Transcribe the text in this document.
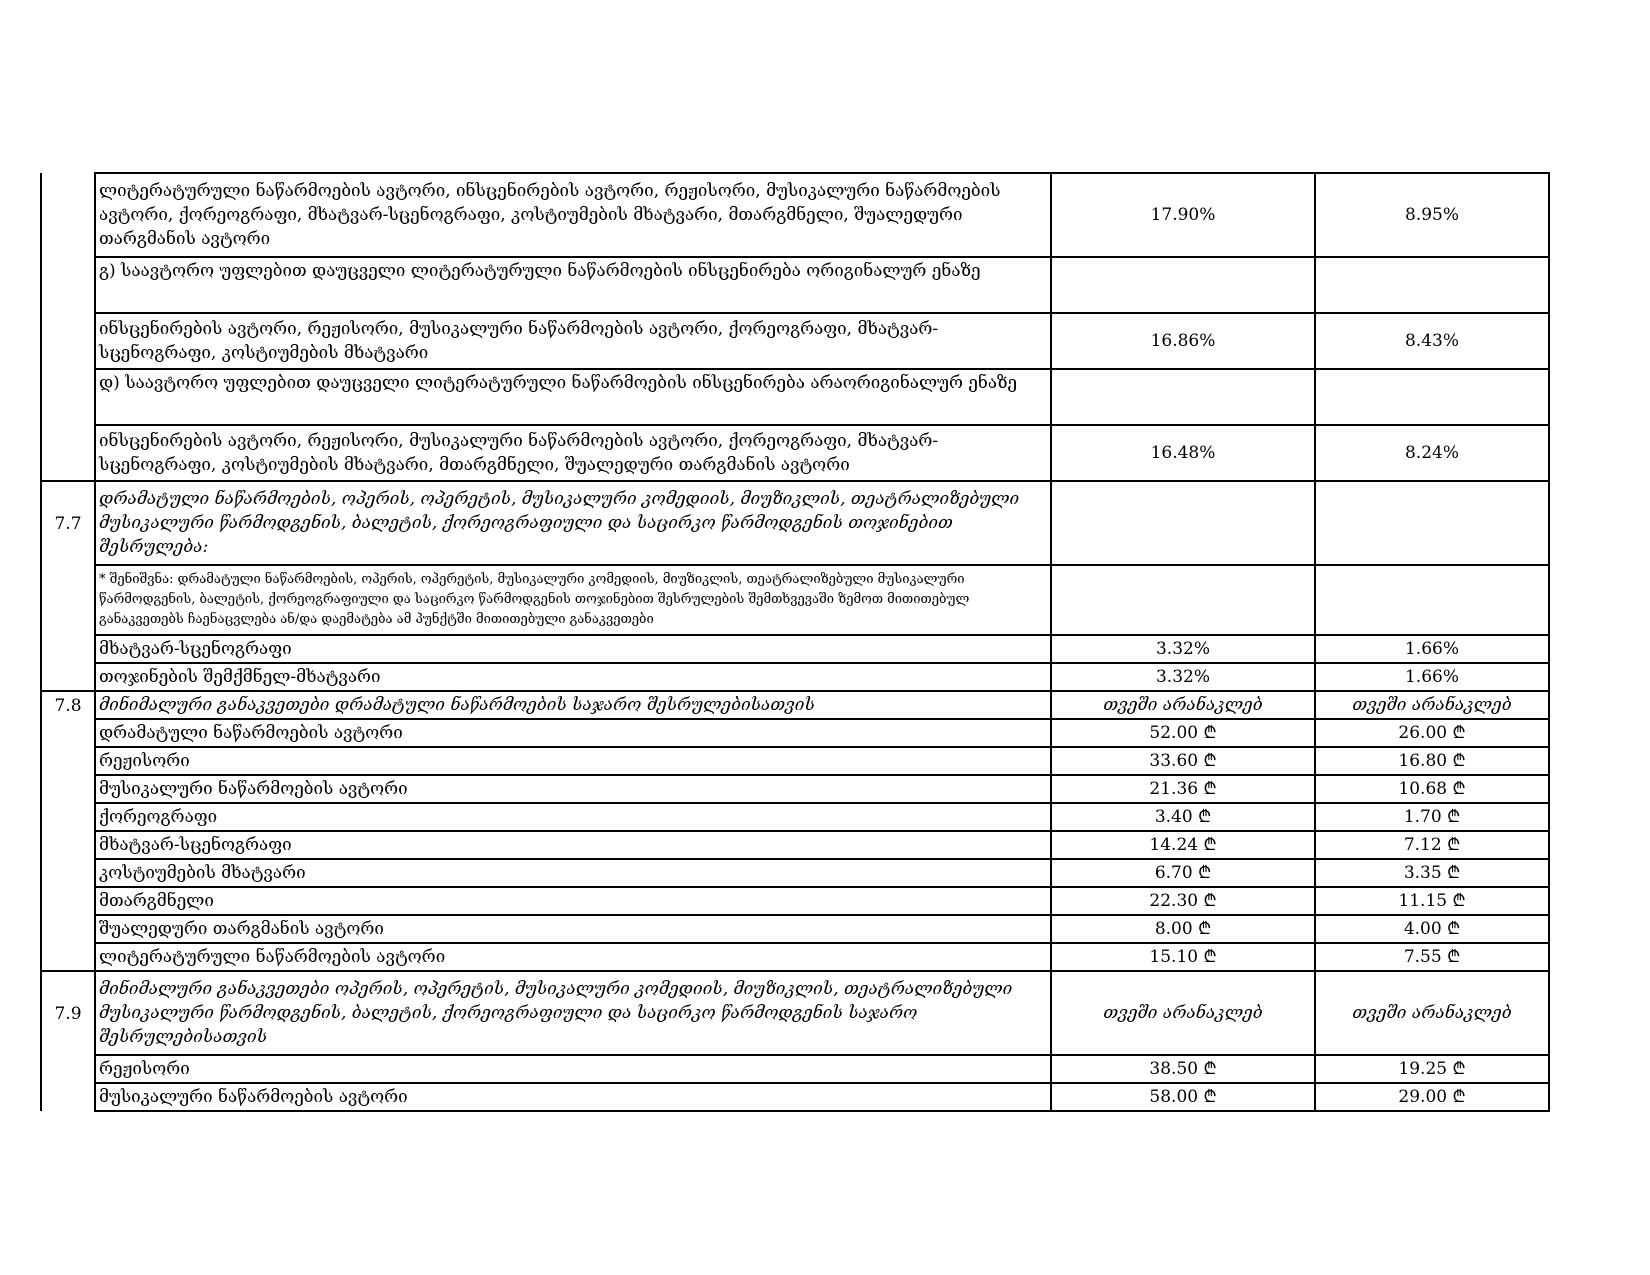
	ლიტერატურული ნაწარმოების ავტორი, ინსცენირების ავტორი, რეჟისორი, მუსიკალური ნაწარმოების ავტორი, ქორეოგრაფი, მხატვარ-სცენოგრაფი, კოსტიუმების მხატვარი, მთარგმნელი, შუალედური თარგმანის ავტორი	17.90%	8.95%
	გ) საავტორო უფლებით დაუცველი ლიტერატურული ნაწარმოების ინსცენირება ორიგინალურ ენაზე		
	ინსცენირების ავტორი, რეჟისორი, მუსიკალური ნაწარმოების ავტორი, ქორეოგრაფი, მხატვარ-სცენოგრაფი, კოსტიუმების მხატვარი	16.86%	8.43%
	დ) საავტორო უფლებით დაუცველი ლიტერატურული ნაწარმოების ინსცენირება არაორიგინალურ ენაზე		
	ინსცენირების ავტორი, რეჟისორი, მუსიკალური ნაწარმოების ავტორი, ქორეოგრაფი, მხატვარ-სცენოგრაფი, კოსტიუმების მხატვარი, მთარგმნელი, შუალედური თარგმანის ავტორი	16.48%	8.24%
7.7	დრამატული ნაწარმოების, ოპერის, ოპერეტის, მუსიკალური კომედიის, მიუზიკლის, თეატრალიზებული მუსიკალური წარმოდგენის, ბალეტის, ქორეოგრაფიული და საცირკო წარმოდგენის თოჯინებით შესრულება:		
	* შენიშვნა: დრამატული ნაწარმოების, ოპერის, ოპერეტის, მუსიკალური კომედიის, მიუზიკლის, თეატრალიზებული მუსიკალური წარმოდგენის, ბალეტის, ქორეოგრაფიული და საცირკო წარმოდგენის თოჯინებით შესრულების შემთხვევაში ზემოთ მითითებულ განაკვეთებს ჩაენაცვლება ან/და დაემატება ამ პუნქტში მითითებული განაკვეთები		
	მხატვარ-სცენოგრაფი	3.32%	1.66%
	თოჯინების შემქმნელ-მხატვარი	3.32%	1.66%
7.8	მინიმალური განაკვეთები დრამატული ნაწარმოების საჯარო შესრულებისათვის	თვეში არანაკლებ	თვეში არანაკლებ
	დრამატული ნაწარმოების ავტორი	52.00 ₾	26.00 ₾
	რეჟისორი	33.60 ₾	16.80 ₾
	მუსიკალური ნაწარმოების ავტორი	21.36 ₾	10.68 ₾
	ქორეოგრაფი	3.40 ₾	1.70 ₾
	მხატვარ-სცენოგრაფი	14.24 ₾	7.12 ₾
	კოსტიუმების მხატვარი	6.70 ₾	3.35 ₾
	მთარგმნელი	22.30 ₾	11.15 ₾
	შუალედური თარგმანის ავტორი	8.00 ₾	4.00 ₾
	ლიტერატურული ნაწარმოების ავტორი	15.10 ₾	7.55 ₾
7.9	მინიმალური განაკვეთები ოპერის, ოპერეტის, მუსიკალური კომედიის, მიუზიკლის, თეატრალიზებული მუსიკალური წარმოდგენის, ბალეტის, ქორეოგრაფიული და საცირკო წარმოდგენის საჯარო შესრულებისათვის	თვეში არანაკლებ	თვეში არანაკლებ
	რეჟისორი	38.50 ₾	19.25 ₾
	მუსიკალური ნაწარმოების ავტორი	58.00 ₾	29.00 ₾
